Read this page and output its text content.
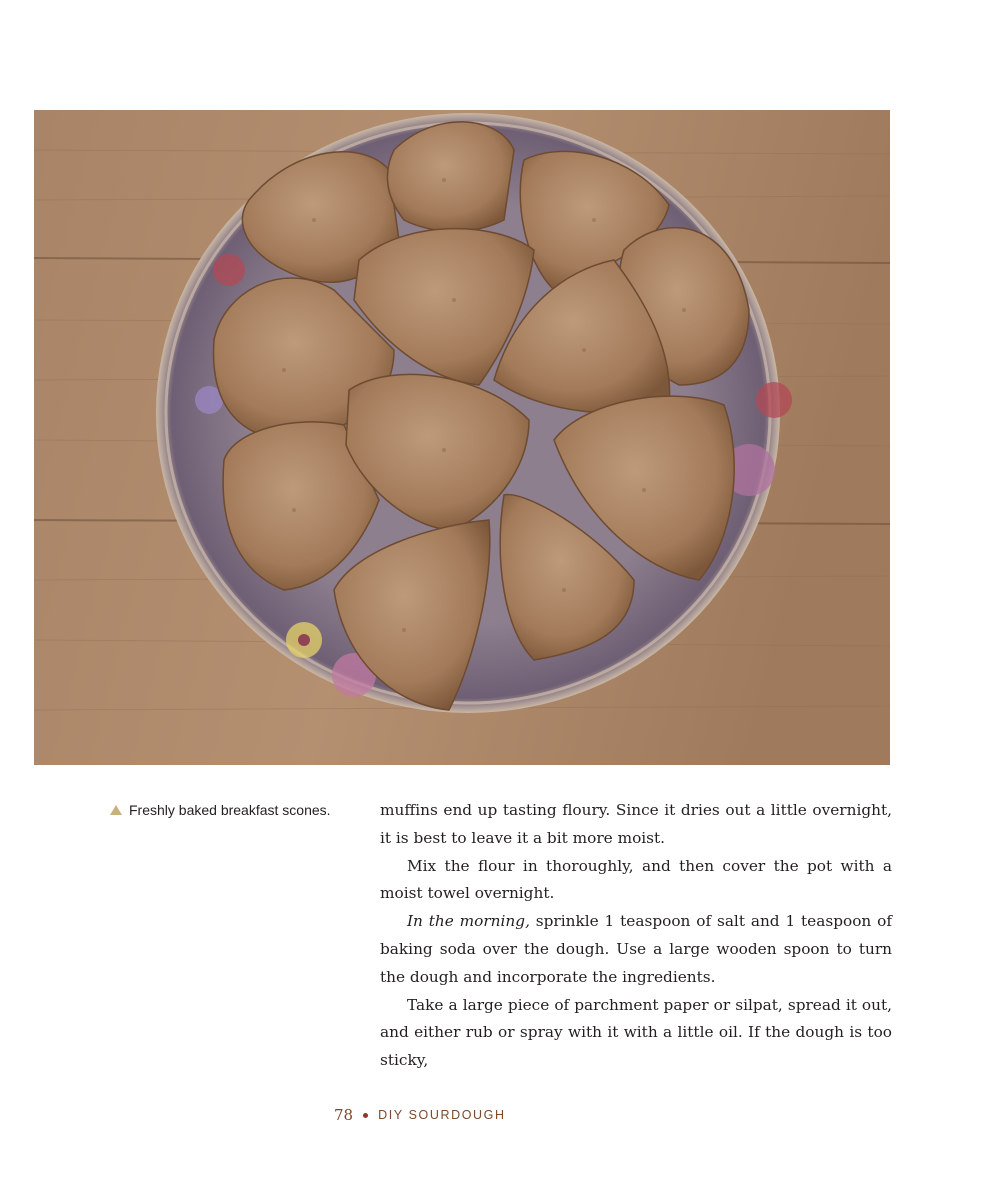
Freshly baked breakfast scones.	muffins end up tasting floury. Since it dries out a little overnight, it is best to leave it a bit more moist.

Mix the flour in thoroughly, and then cover the pot with a moist towel overnight.

In the morning, sprinkle 1 teaspoon of salt and 1 teaspoon of baking soda over the dough. Use a large wooden spoon to turn the dough and incorporate the ingredients.

Take a large piece of parchment paper or silpat, spread it out, and either rub or spray with it with a little oil. If the dough is too sticky,

78 DIY SOURDOUGH
